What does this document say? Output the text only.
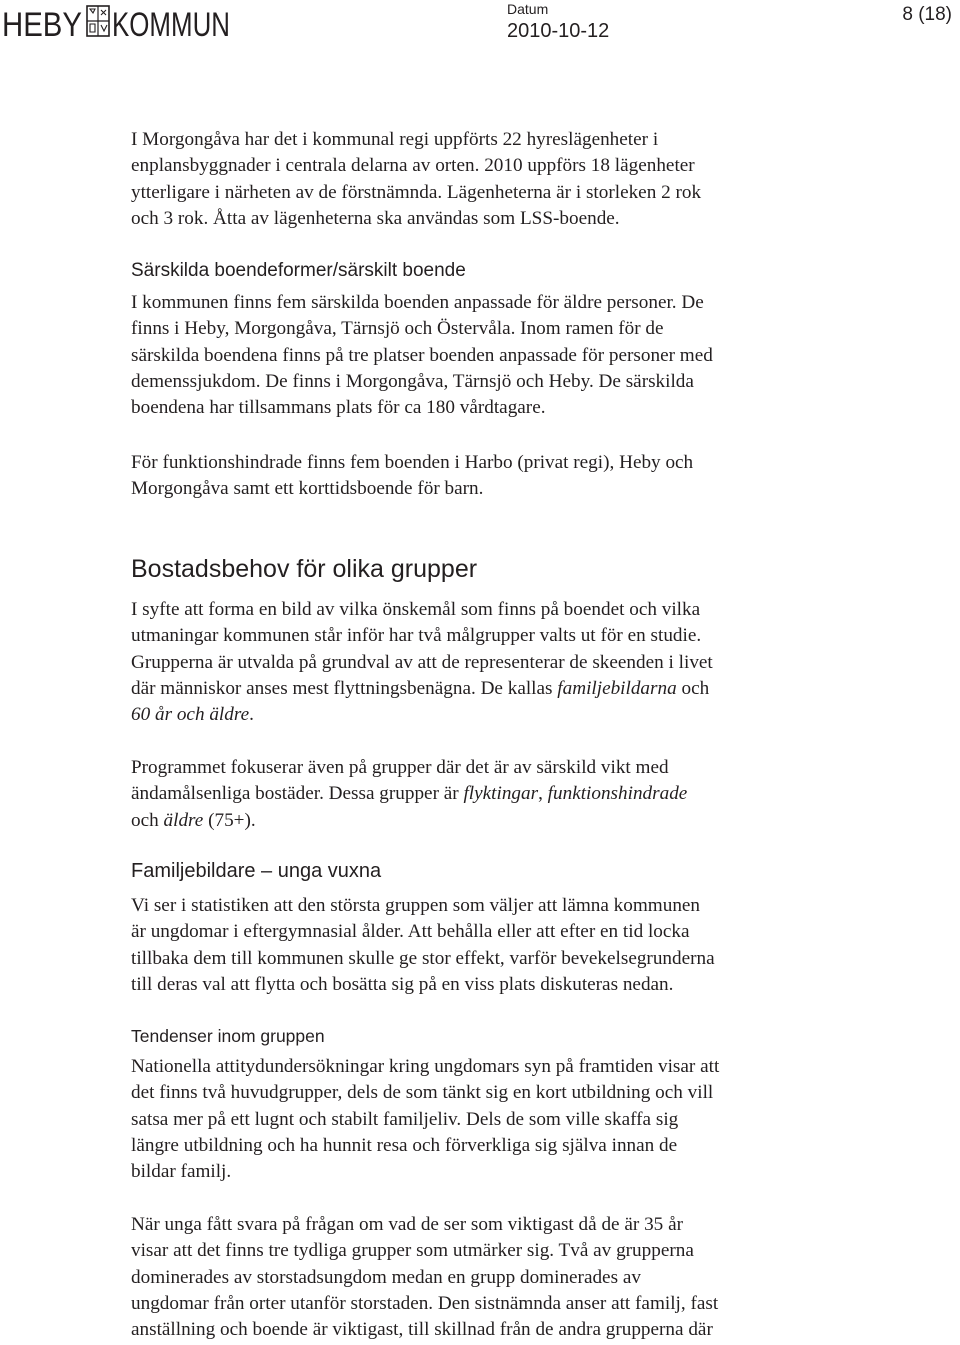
HEBY KOMMUN	Datum
2010-10-12
8 (18)

I Morgongåva har det i kommunal regi uppförts 22 hyreslägenheter i
enplansbyggnader i centrala delarna av orten. 2010 uppförs 18 lägenheter
ytterligare i närheten av de förstnämnda. Lägenheterna är i storleken 2 rok
och 3 rok. Åtta av lägenheterna ska användas som LSS-boende.

Särskilda boendeformer/särskilt boende

I kommunen finns fem särskilda boenden anpassade för äldre personer. De
finns i Heby, Morgongåva, Tärnsjö och Östervåla. Inom ramen för de
särskilda boendena finns på tre platser boenden anpassade för personer med
demenssjukdom. De finns i Morgongåva, Tärnsjö och Heby. De särskilda
boendena har tillsammans plats för ca 180 vårdtagare.

För funktionshindrade finns fem boenden i Harbo (privat regi), Heby och
Morgongåva samt ett korttidsboende för barn.

Bostadsbehov för olika grupper

I syfte att forma en bild av vilka önskemål som finns på boendet och vilka
utmaningar kommunen står inför har två målgrupper valts ut för en studie.
Grupperna är utvalda på grundval av att de representerar de skeenden i livet
där människor anses mest flyttningsbenägna. De kallas familjebildarna och
60 år och äldre.

Programmet fokuserar även på grupper där det är av särskild vikt med
ändamålsenliga bostäder. Dessa grupper är flyktingar, funktionshindrade
och äldre (75+).

Familjebildare – unga vuxna

Vi ser i statistiken att den största gruppen som väljer att lämna kommunen
är ungdomar i eftergymnasial ålder. Att behålla eller att efter en tid locka
tillbaka dem till kommunen skulle ge stor effekt, varför bevekelsegrunderna
till deras val att flytta och bosätta sig på en viss plats diskuteras nedan.

Tendenser inom gruppen

Nationella attitydundersökningar kring ungdomars syn på framtiden visar att
det finns två huvudgrupper, dels de som tänkt sig en kort utbildning och vill
satsa mer på ett lugnt och stabilt familjeliv. Dels de som ville skaffa sig
längre utbildning och ha hunnit resa och förverkliga sig själva innan de
bildar familj.

När unga fått svara på frågan om vad de ser som viktigast då de är 35 år
visar att det finns tre tydliga grupper som utmärker sig. Två av grupperna
dominerades av storstadsungdom medan en grupp dominerades av
ungdomar från orter utanför storstaden. Den sistnämnda anser att familj, fast
anställning och boende är viktigast, till skillnad från de andra grupperna där
